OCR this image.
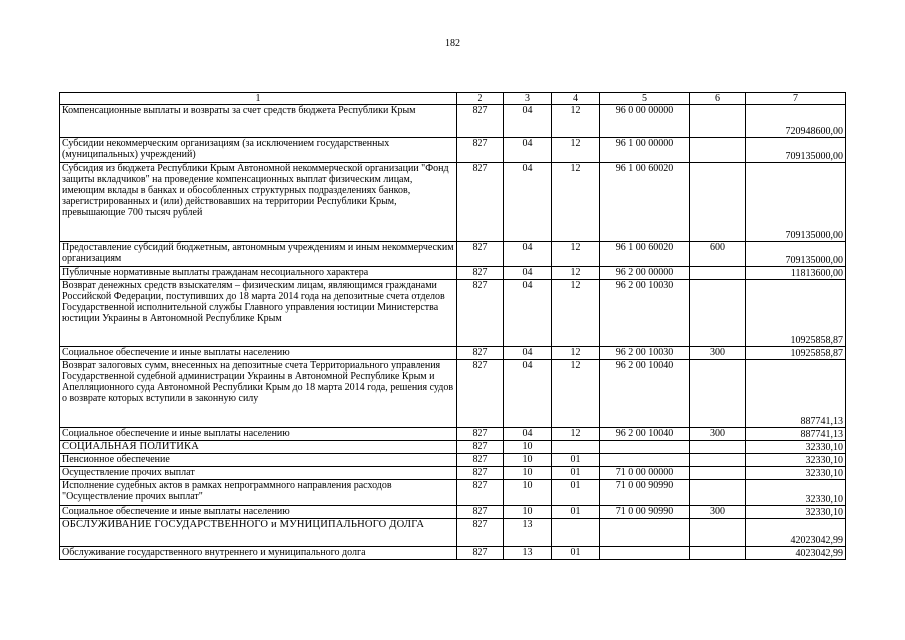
182
1	2	3	4	5	6	7
Компенсационные выплаты и возвраты за счет средств бюджета Республики Крым	827	04	12	96 0 00 00000		720948600,00
Субсидии некоммерческим организациям (за исключением государственных (муниципальных) учреждений)	827	04	12	96 1 00 00000		709135000,00
Субсидия из бюджета Республики Крым Автономной некоммерческой организации "Фонд защиты вкладчиков" на проведение компенсационных выплат физическим лицам, имеющим вклады в банках и обособленных структурных подразделениях банков, зарегистрированных и (или) действовавших на территории Республики Крым, превышающие 700 тысяч рублей	827	04	12	96 1 00 60020		709135000,00
Предоставление субсидий бюджетным, автономным учреждениям и иным некоммерческим организациям	827	04	12	96 1 00 60020	600	709135000,00
Публичные нормативные выплаты гражданам несоциального характера	827	04	12	96 2 00 00000		11813600,00
Возврат денежных средств взыскателям – физическим лицам, являющимся гражданами Российской Федерации, поступивших до 18 марта 2014 года на депозитные счета отделов Государственной исполнительной службы Главного управления юстиции Министерства юстиции Украины в Автономной Республике Крым	827	04	12	96 2 00 10030		10925858,87
Социальное обеспечение и иные выплаты населению	827	04	12	96 2 00 10030	300	10925858,87
Возврат залоговых сумм, внесенных на депозитные счета Территориального управления Государственной судебной администрации Украины в Автономной Республике Крым и Апелляционного суда Автономной Республики Крым до 18 марта 2014 года, решения судов о возврате которых вступили в законную силу	827	04	12	96 2 00 10040		887741,13
Социальное обеспечение и иные выплаты населению	827	04	12	96 2 00 10040	300	887741,13
СОЦИАЛЬНАЯ ПОЛИТИКА	827	10				32330,10
Пенсионное обеспечение	827	10	01			32330,10
Осуществление прочих выплат	827	10	01	71 0 00 00000		32330,10
Исполнение судебных актов в рамках непрограммного направления расходов "Осуществление прочих выплат"	827	10	01	71 0 00 90990		32330,10
Социальное обеспечение и иные выплаты населению	827	10	01	71 0 00 90990	300	32330,10
ОБСЛУЖИВАНИЕ ГОСУДАРСТВЕННОГО и МУНИЦИПАЛЬНОГО ДОЛГА	827	13				42023042,99
Обслуживание государственного внутреннего и муниципального долга	827	13	01			4023042,99
